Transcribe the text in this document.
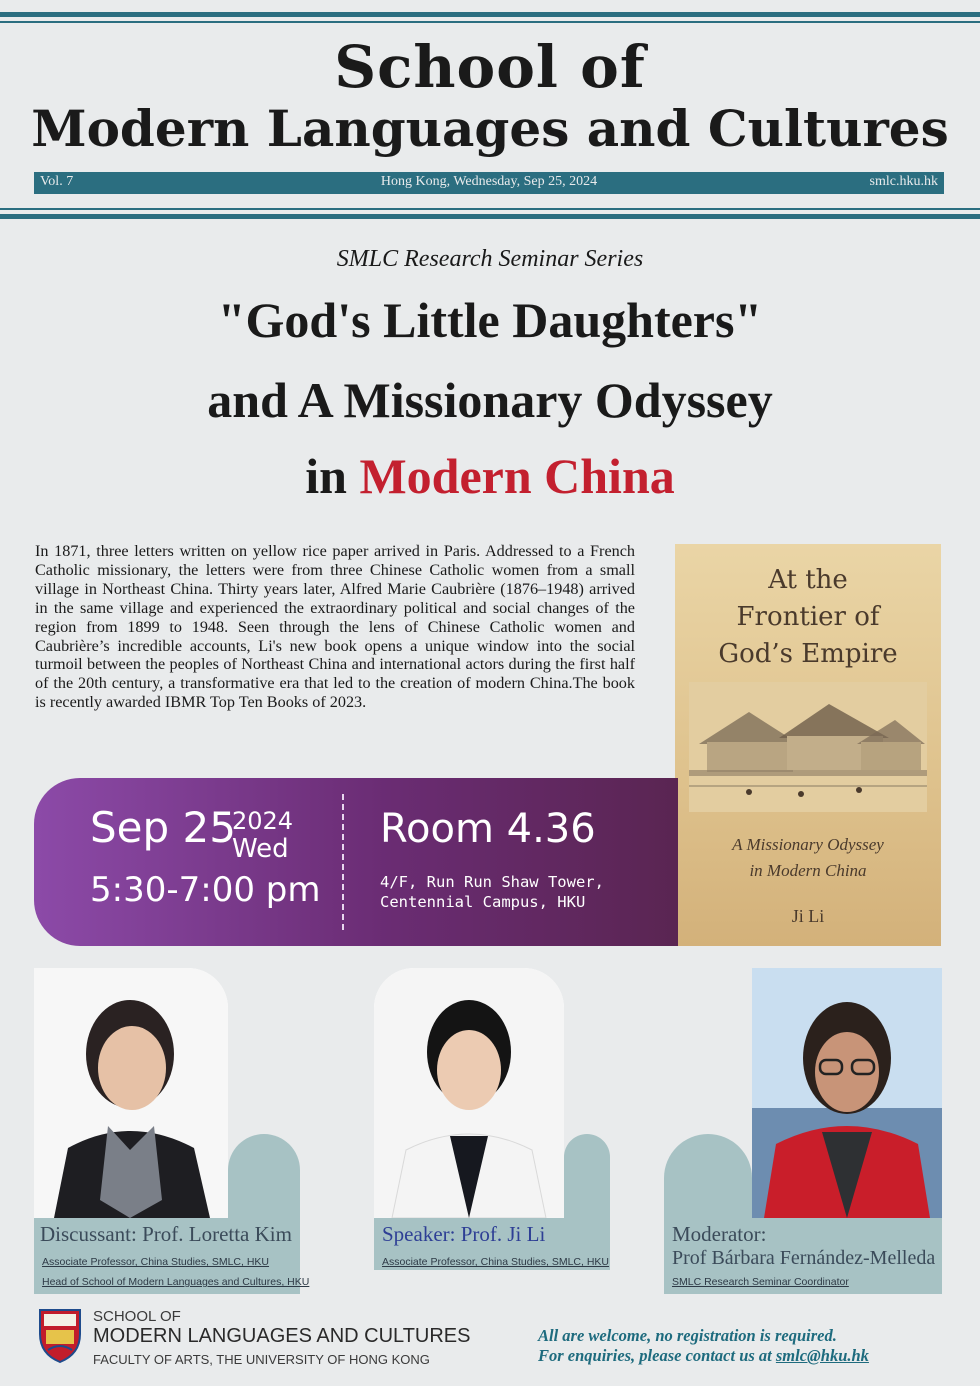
School of
Modern Languages and Cultures
Vol. 7	Hong Kong, Wednesday, Sep 25, 2024	smlc.hku.hk
SMLC Research Seminar Series
"God's Little Daughters"
and A Missionary Odyssey
in Modern China
In 1871, three letters written on yellow rice paper arrived in Paris. Addressed to a French Catholic missionary, the letters were from three Chinese Catholic women from a small village in Northeast China. Thirty years later, Alfred Marie Caubrière (1876–1948) arrived in the same village and experienced the extraordinary political and social changes of the region from 1899 to 1948. Seen through the lens of Chinese Catholic women and Caubrière’s incredible accounts, Li's new book opens a unique window into the social turmoil between the peoples of Northeast China and international actors during the first half of the 20th century, a transformative era that led to the creation of modern China.The book is recently awarded IBMR Top Ten Books of 2023.
At the
Frontier of
God’s Empire
A Missionary Odyssey
in Modern China
Ji Li
Sep 25
2024
Wed
5:30-7:00 pm
Room 4.36
4/F, Run Run Shaw Tower,
Centennial Campus, HKU
Discussant: Prof. Loretta Kim
Associate Professor, China Studies, SMLC, HKU
Head of School of Modern Languages and Cultures, HKU
Speaker: Prof. Ji Li
Associate Professor, China Studies, SMLC, HKU
Moderator:
Prof Bárbara Fernández-Melleda
SMLC Research Seminar Coordinator
SCHOOL OF
MODERN LANGUAGES AND CULTURES
FACULTY OF ARTS, THE UNIVERSITY OF HONG KONG
All are welcome, no registration is required.
For enquiries, please contact us at smlc@hku.hk
